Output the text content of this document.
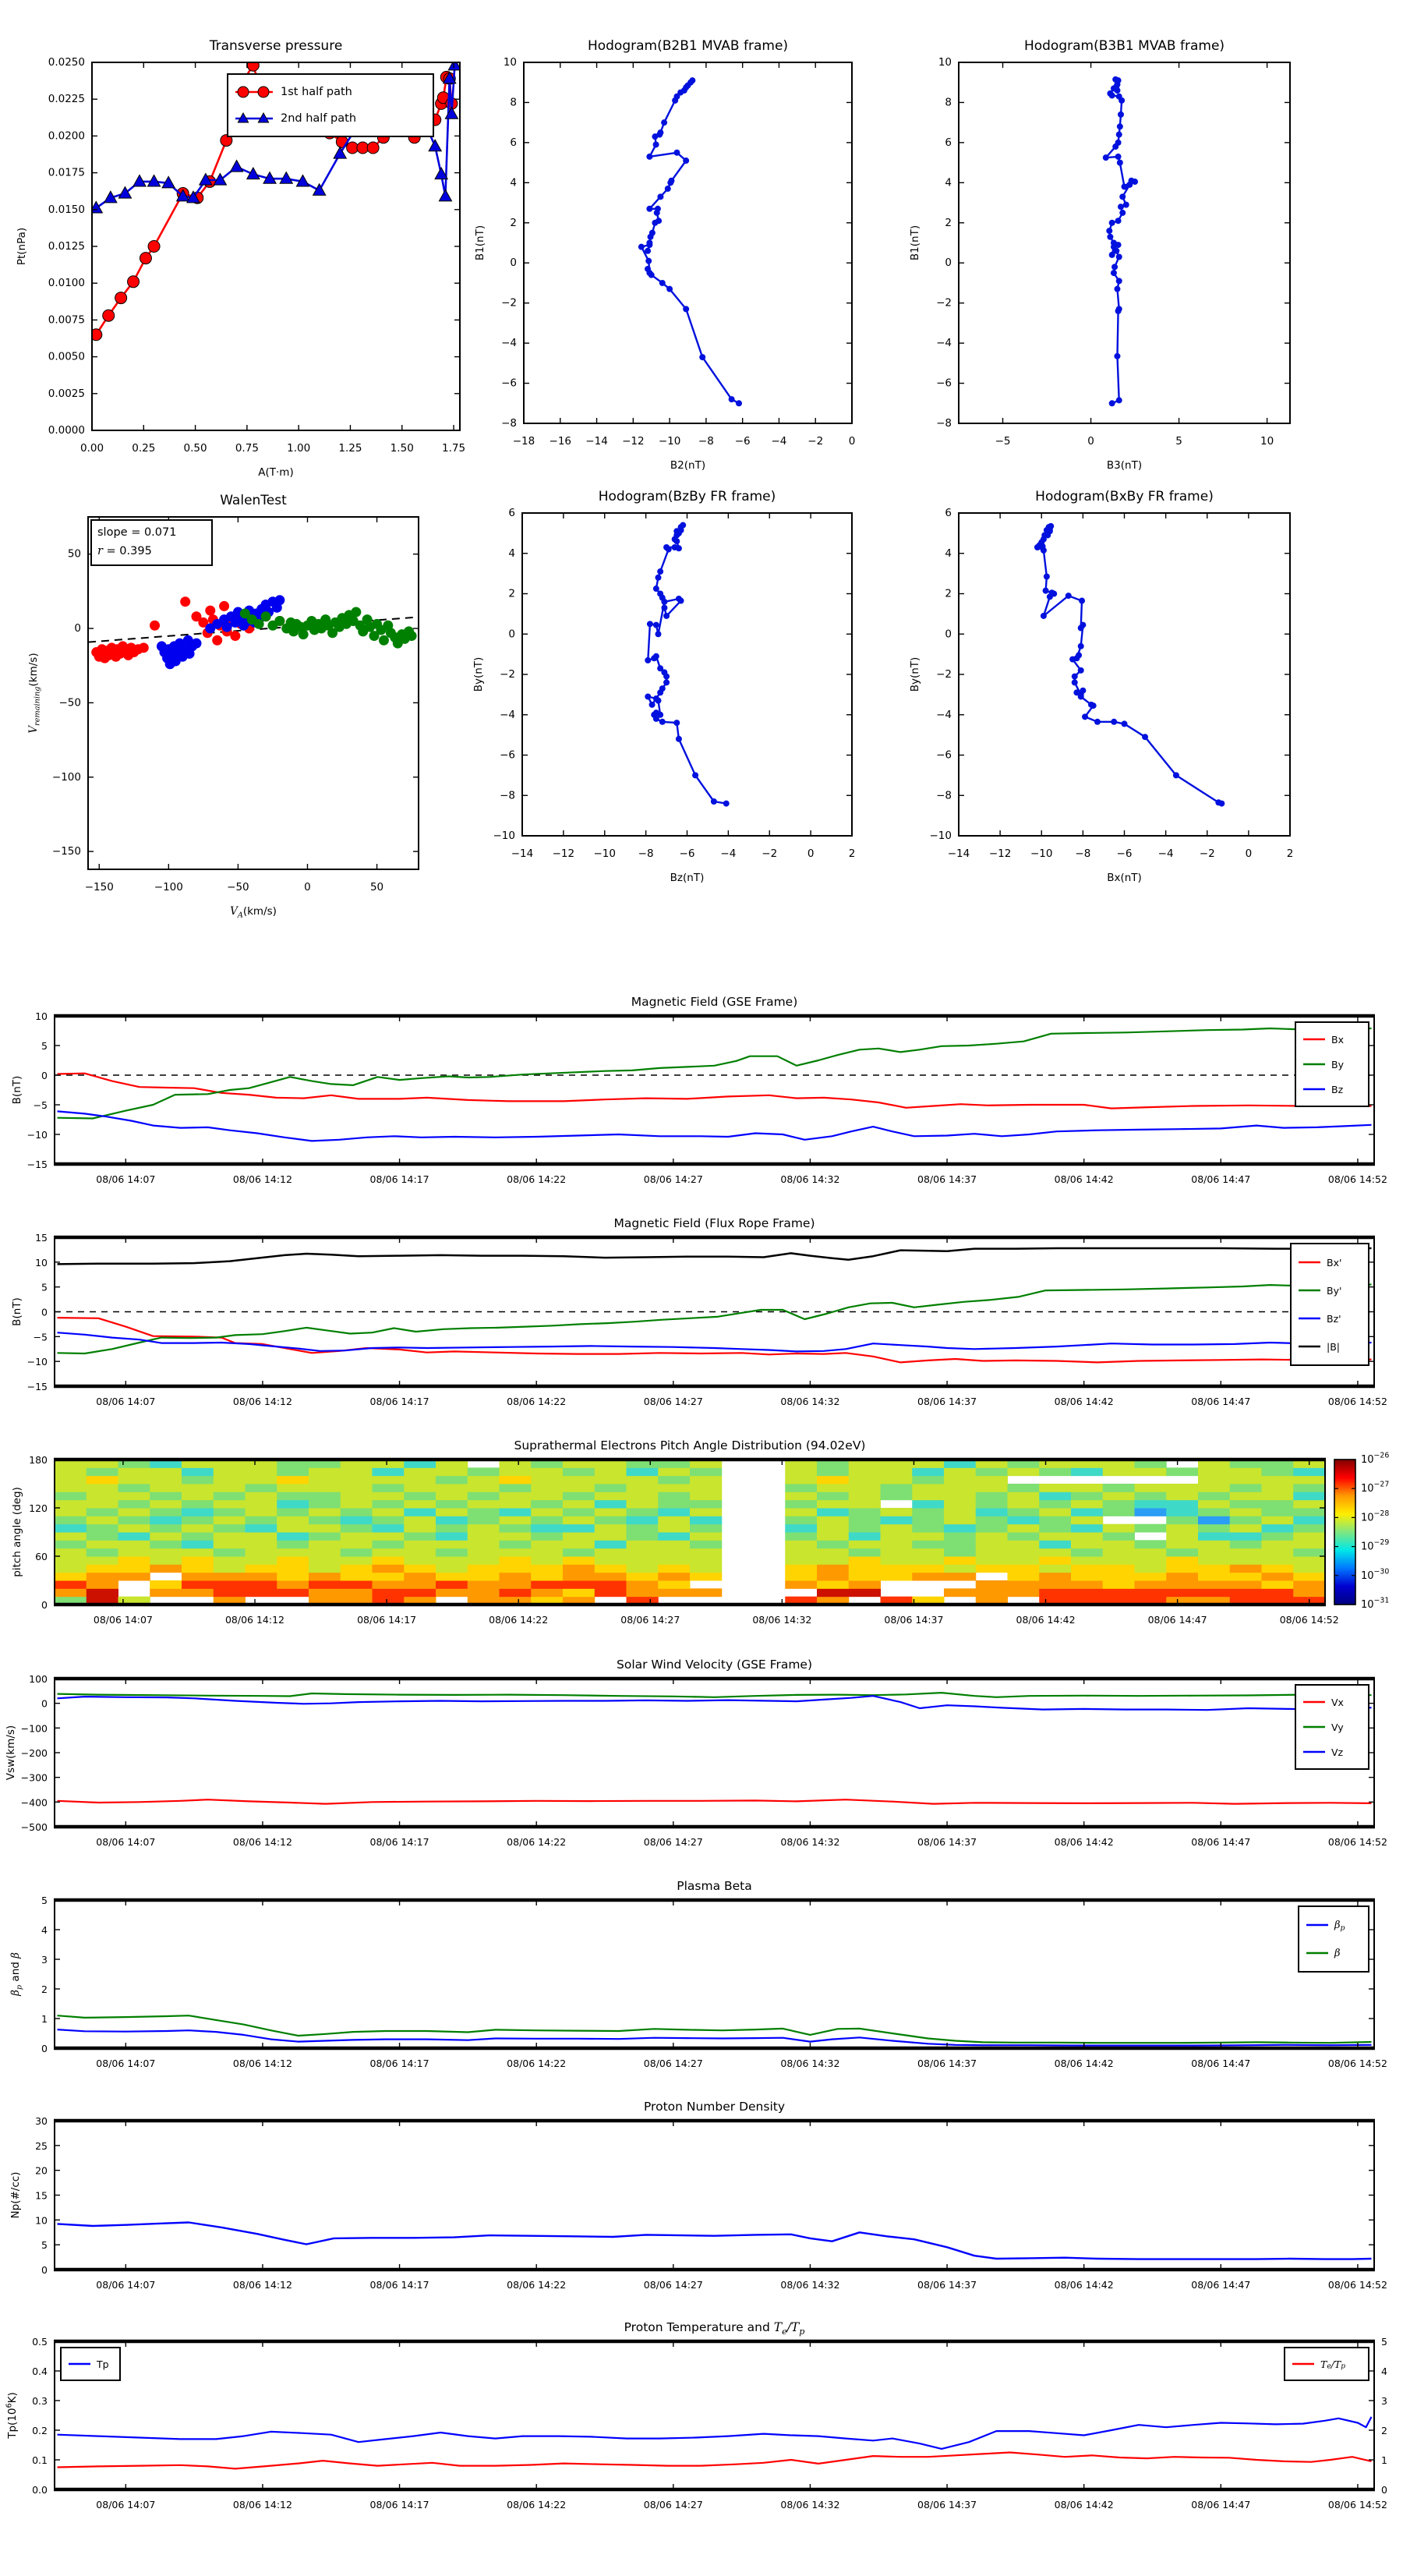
0.00	0.25	0.50	0.75	1.00	1.25	1.50	1.75
0.0000
0.0025
0.0050
0.0075
0.0100
0.0125
0.0150
0.0175
0.0200
0.0225
0.0250
Transverse pressure
A(T·m)
Pt(nPa)
1st half path
2nd half path
−18 −16 −14 −12 −10 −8 −6 −4 −2 0
−8
−6
−4
−2
0
2
4
6
8
10
Hodogram(B2B1 MVAB frame)
B2(nT)
B1(nT)
−5	0	5	10
−8
−6
−4
−2
0
2
4
6
8
10
Hodogram(B3B1 MVAB frame)
B3(nT)
B1(nT)
−150	−100	−50	0	50
−150
−100
−50
0
50
WalenTest
$V_A(km/s)$
$V_{remaining}(km/s)$
slope = 0.071
r = 0.395
−14 −12 −10 −8 −6 −4 −2	0	2
−10
−8
−6
−4
−2
0
2
4
6
Hodogram(BzBy FR frame)
Bz(nT)
By(nT)
−14 −12 −10 −8 −6 −4 −2	0	2
−10
−8
−6
−4
−2
0
2
4
6
Hodogram(BxBy FR frame)
Bx(nT)
By(nT)
08/06 14:07	08/06 14:12	08/06 14:17	08/06 14:22	08/06 14:27	08/06 14:32	08/06 14:37	08/06 14:42	08/06 14:47	08/06 14:52
−15
−10
−5
0
5
10
Magnetic Field (GSE Frame)
B(nT)
Bx
By
Bz
08/06 14:07	08/06 14:12	08/06 14:17	08/06 14:22	08/06 14:27	08/06 14:32	08/06 14:37	08/06 14:42	08/06 14:47	08/06 14:52
−15
−10
−5
0
5
10
15
Magnetic Field (Flux Rope Frame)
B(nT)
Bx'
By'
Bz'
|B|
08/06 14:07	08/06 14:12	08/06 14:17	08/06 14:22	08/06 14:27	08/06 14:32	08/06 14:37	08/06 14:42	08/06 14:47	08/06 14:52
0
60
120
180
Suprathermal Electrons Pitch Angle Distribution (94.02eV)
pitch angle (deg)
$10^{-26}$
$10^{-27}$
$10^{-28}$
$10^{-29}$
$10^{-30}$
$10^{-31}$
08/06 14:07	08/06 14:12	08/06 14:17	08/06 14:22	08/06 14:27	08/06 14:32	08/06 14:37	08/06 14:42	08/06 14:47	08/06 14:52
−500
−400
−300
−200
−100
0
100
Solar Wind Velocity (GSE Frame)
Vsw(km/s)
Vx
Vy
Vz
08/06 14:07	08/06 14:12	08/06 14:17	08/06 14:22	08/06 14:27	08/06 14:32	08/06 14:37	08/06 14:42	08/06 14:47	08/06 14:52
0
1
2
3
4
5
Plasma Beta
$\beta_p$ and β
$\beta_p$
β
08/06 14:07	08/06 14:12	08/06 14:17	08/06 14:22	08/06 14:27	08/06 14:32	08/06 14:37	08/06 14:42	08/06 14:47	08/06 14:52
0
5
10
15
20
25
30
Proton Number Density
Np(#/cc)
08/06 14:07	08/06 14:12	08/06 14:17	08/06 14:22	08/06 14:27	08/06 14:32	08/06 14:37	08/06 14:42	08/06 14:47	08/06 14:52
0.0
0.1
0.2
0.3
0.4
0.5
0
1
2
3
4
5
Proton Temperature and $T_e/T_p$
$Tp(10^6K)$
Tp	$T_e/T_p$
